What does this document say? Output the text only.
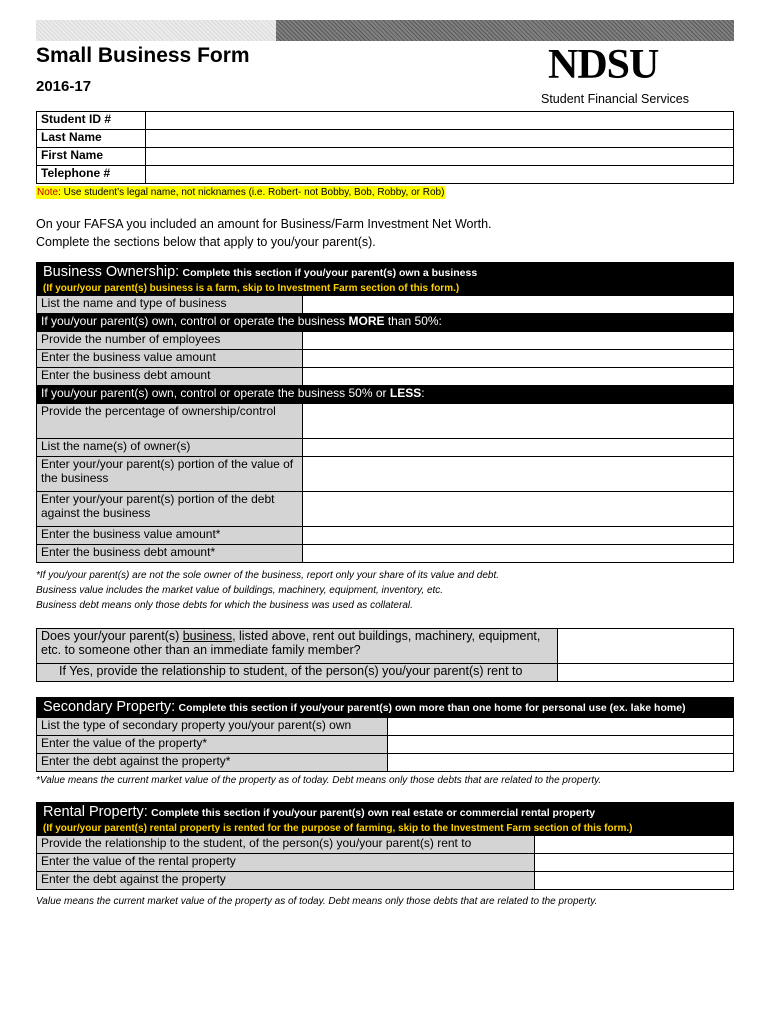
Small Business Form
2016-17	NDSU
Student Financial Services
Student ID #	
Last Name	
First Name	
Telephone #	
Note: Use student’s legal name, not nicknames (i.e. Robert- not Bobby, Bob, Robby, or Rob)
On your FAFSA you included an amount for Business/Farm Investment Net Worth.
Complete the sections below that apply to you/your parent(s).
Business Ownership: Complete this section if you/your parent(s) own a business
(If your/your parent(s) business is a farm, skip to Investment Farm section of this form.)	
List the name and type of business	
If you/your parent(s) own, control or operate the business MORE than 50%:	
Provide the number of employees	
Enter the business value amount	
Enter the business debt amount	
If you/your parent(s) own, control or operate the business 50% or LESS:	
Provide the percentage of ownership/control	
List the name(s) of owner(s)	
Enter your/your parent(s) portion of the value of the business	
Enter your/your parent(s) portion of the debt against the business	
Enter the business value amount*	
Enter the business debt amount*	
*If you/your parent(s) are not the sole owner of the business, report only your share of its value and debt.
Business value includes the market value of buildings, machinery, equipment, inventory, etc.
Business debt means only those debts for which the business was used as collateral.
Does your/your parent(s) business, listed above, rent out buildings, machinery, equipment, etc. to someone other than an immediate family member?	
If Yes, provide the relationship to student, of the person(s) you/your parent(s) rent to	
Secondary Property: Complete this section if you/your parent(s) own more than one home for personal use (ex. lake home)	
List the type of secondary property you/your parent(s) own	
Enter the value of the property*	
Enter the debt against the property*	
*Value means the current market value of the property as of today. Debt means only those debts that are related to the property.
Rental Property: Complete this section if you/your parent(s) own real estate or commercial rental property
(If your/your parent(s) rental property is rented for the purpose of farming, skip to the Investment Farm section of this form.)	
Provide the relationship to the student, of the person(s) you/your parent(s) rent to	
Enter the value of the rental property	
Enter the debt against the property	
Value means the current market value of the property as of today. Debt means only those debts that are related to the property.
